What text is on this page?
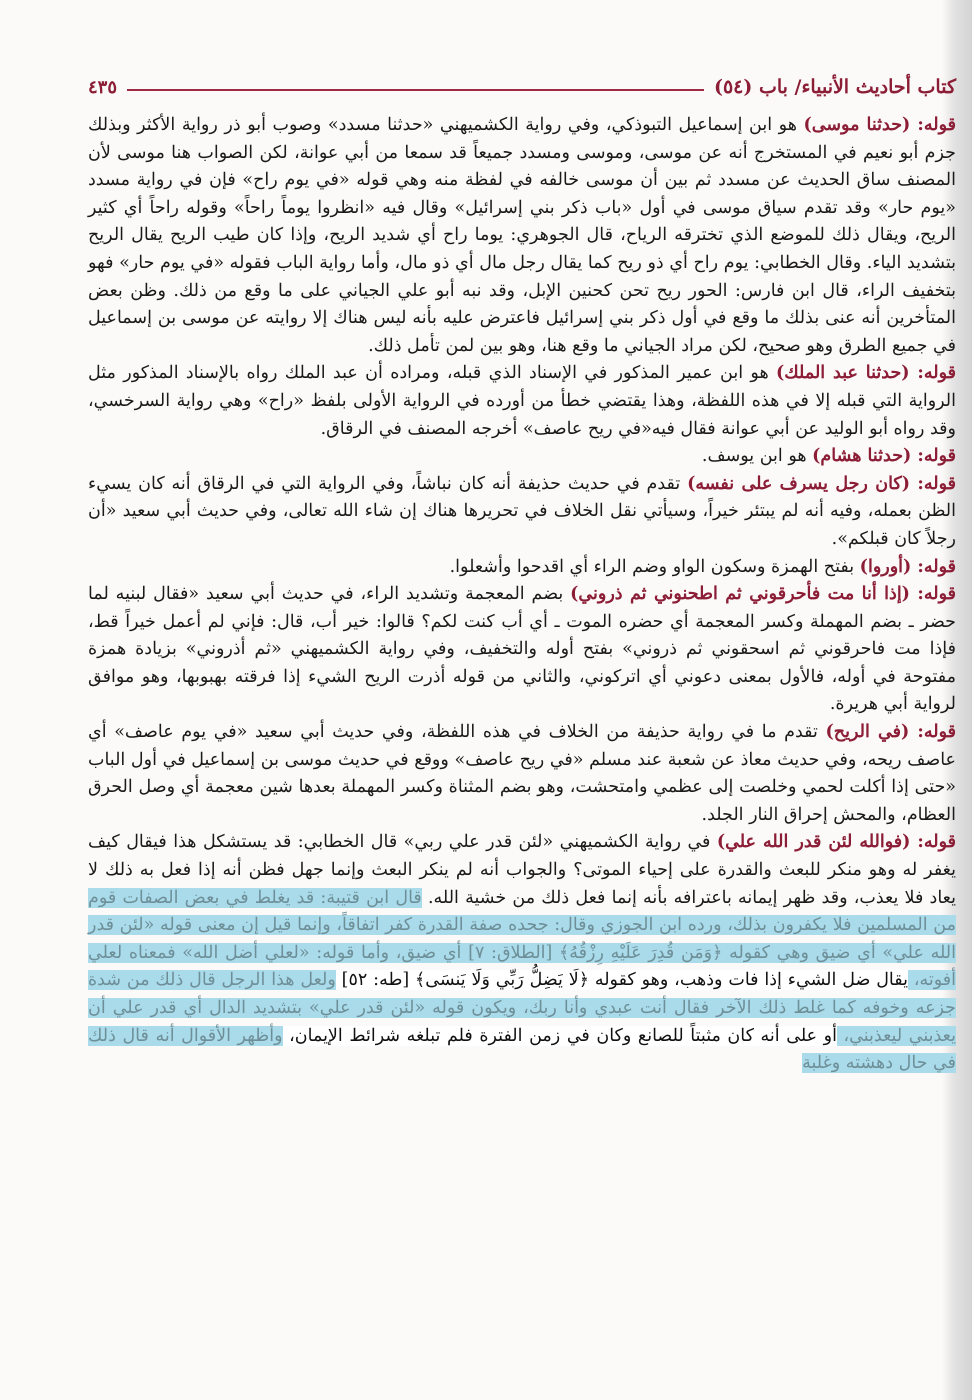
كتاب أحاديث الأنبياء/ باب (٥٤)
٤٣٥

قوله: (حدثنا موسى) هو ابن إسماعيل التبوذكي، وفي رواية الكشميهني «حدثنا مسدد» وصوب أبو ذر رواية الأكثر وبذلك جزم أبو نعيم في المستخرج أنه عن موسى، وموسى ومسدد جميعاً قد سمعا من أبي عوانة، لكن الصواب هنا موسى لأن المصنف ساق الحديث عن مسدد ثم بين أن موسى خالفه في لفظة منه وهي قوله «في يوم راح» فإن في رواية مسدد «يوم حار» وقد تقدم سياق موسى في أول «باب ذكر بني إسرائيل» وقال فيه «انظروا يوماً راحاً» وقوله راحاً أي كثير الريح، ويقال ذلك للموضع الذي تخترقه الرياح، قال الجوهري: يوما راح أي شديد الريح، وإذا كان طيب الريح يقال الريح بتشديد الياء. وقال الخطابي: يوم راح أي ذو ريح كما يقال رجل مال أي ذو مال، وأما رواية الباب فقوله «في يوم حار» فهو بتخفيف الراء، قال ابن فارس: الحور ريح تحن كحنين الإبل، وقد نبه أبو علي الجياني على ما وقع من ذلك. وظن بعض المتأخرين أنه عنى بذلك ما وقع في أول ذكر بني إسرائيل فاعترض عليه بأنه ليس هناك إلا روايته عن موسى بن إسماعيل في جميع الطرق وهو صحيح، لكن مراد الجياني ما وقع هنا، وهو بين لمن تأمل ذلك.

قوله: (حدثنا عبد الملك) هو ابن عمير المذكور في الإسناد الذي قبله، ومراده أن عبد الملك رواه بالإسناد المذكور مثل الرواية التي قبله إلا في هذه اللفظة، وهذا يقتضي خطأ من أورده في الرواية الأولى بلفظ «راح» وهي رواية السرخسي، وقد رواه أبو الوليد عن أبي عوانة فقال فيه«في ريح عاصف» أخرجه المصنف في الرقاق.

قوله: (حدثنا هشام) هو ابن يوسف.

قوله: (كان رجل يسرف على نفسه) تقدم في حديث حذيفة أنه كان نباشاً، وفي الرواية التي في الرقاق أنه كان يسيء الظن بعمله، وفيه أنه لم يبتئر خيراً، وسيأتي نقل الخلاف في تحريرها هناك إن شاء الله تعالى، وفي حديث أبي سعيد «أن رجلاً كان قبلكم».

قوله: (أوروا) بفتح الهمزة وسكون الواو وضم الراء أي اقدحوا وأشعلوا.

قوله: (إذا أنا مت فأحرقوني ثم اطحنوني ثم ذروني) بضم المعجمة وتشديد الراء، في حديث أبي سعيد «فقال لبنيه لما حضر ـ بضم المهملة وكسر المعجمة أي حضره الموت ـ أي أب كنت لكم؟ قالوا: خير أب، قال: فإني لم أعمل خيراً قط، فإذا مت فاحرقوني ثم اسحقوني ثم ذروني» بفتح أوله والتخفيف، وفي رواية الكشميهني «ثم أذروني» بزيادة همزة مفتوحة في أوله، فالأول بمعنى دعوني أي اتركوني، والثاني من قوله أذرت الريح الشيء إذا فرقته بهبوبها، وهو موافق لرواية أبي هريرة.

قوله: (في الريح) تقدم ما في رواية حذيفة من الخلاف في هذه اللفظة، وفي حديث أبي سعيد «في يوم عاصف» أي عاصف ريحه، وفي حديث معاذ عن شعبة عند مسلم «في ريح عاصف» ووقع في حديث موسى بن إسماعيل في أول الباب «حتى إذا أكلت لحمي وخلصت إلى عظمي وامتحشت، وهو بضم المثناة وكسر المهملة بعدها شين معجمة أي وصل الحرق العظام، والمحش إحراق النار الجلد.

قوله: (فوالله لئن قدر الله علي) في رواية الكشميهني «لئن قدر علي ربي» قال الخطابي: قد يستشكل هذا فيقال كيف يغفر له وهو منكر للبعث والقدرة على إحياء الموتى؟ والجواب أنه لم ينكر البعث وإنما جهل فظن أنه إذا فعل به ذلك لا يعاد فلا يعذب، وقد ظهر إيمانه باعترافه بأنه إنما فعل ذلك من خشية الله. قال ابن قتيبة: قد يغلط في بعض الصفات قوم من المسلمين فلا يكفرون بذلك، ورده ابن الجوزي وقال: جحده صفة القدرة كفر اتفاقاً، وإنما قيل إن معنى قوله «لئن قدر الله علي» أي ضيق وهي كقوله ﴿وَمَن قُدِرَ عَلَيْهِ رِزْقُهُ﴾ [الطلاق: ٧] أي ضيق، وأما قوله: «لعلي أضل الله» فمعناه لعلي أفوته، يقال ضل الشيء إذا فات وذهب، وهو كقوله ﴿لَا يَضِلُّ رَبِّي وَلَا يَنسَى﴾ [طه: ٥٢] ولعل هذا الرجل قال ذلك من شدة جزعه وخوفه كما غلط ذلك الآخر فقال أنت عبدي وأنا ربك، ويكون قوله «لئن قدر علي» بتشديد الدال أي قدر علي أن يعذبني ليعذبني، أو على أنه كان مثبتاً للصانع وكان في زمن الفترة فلم تبلغه شرائط الإيمان، وأظهر الأقوال أنه قال ذلك في حال دهشته وغلبة
